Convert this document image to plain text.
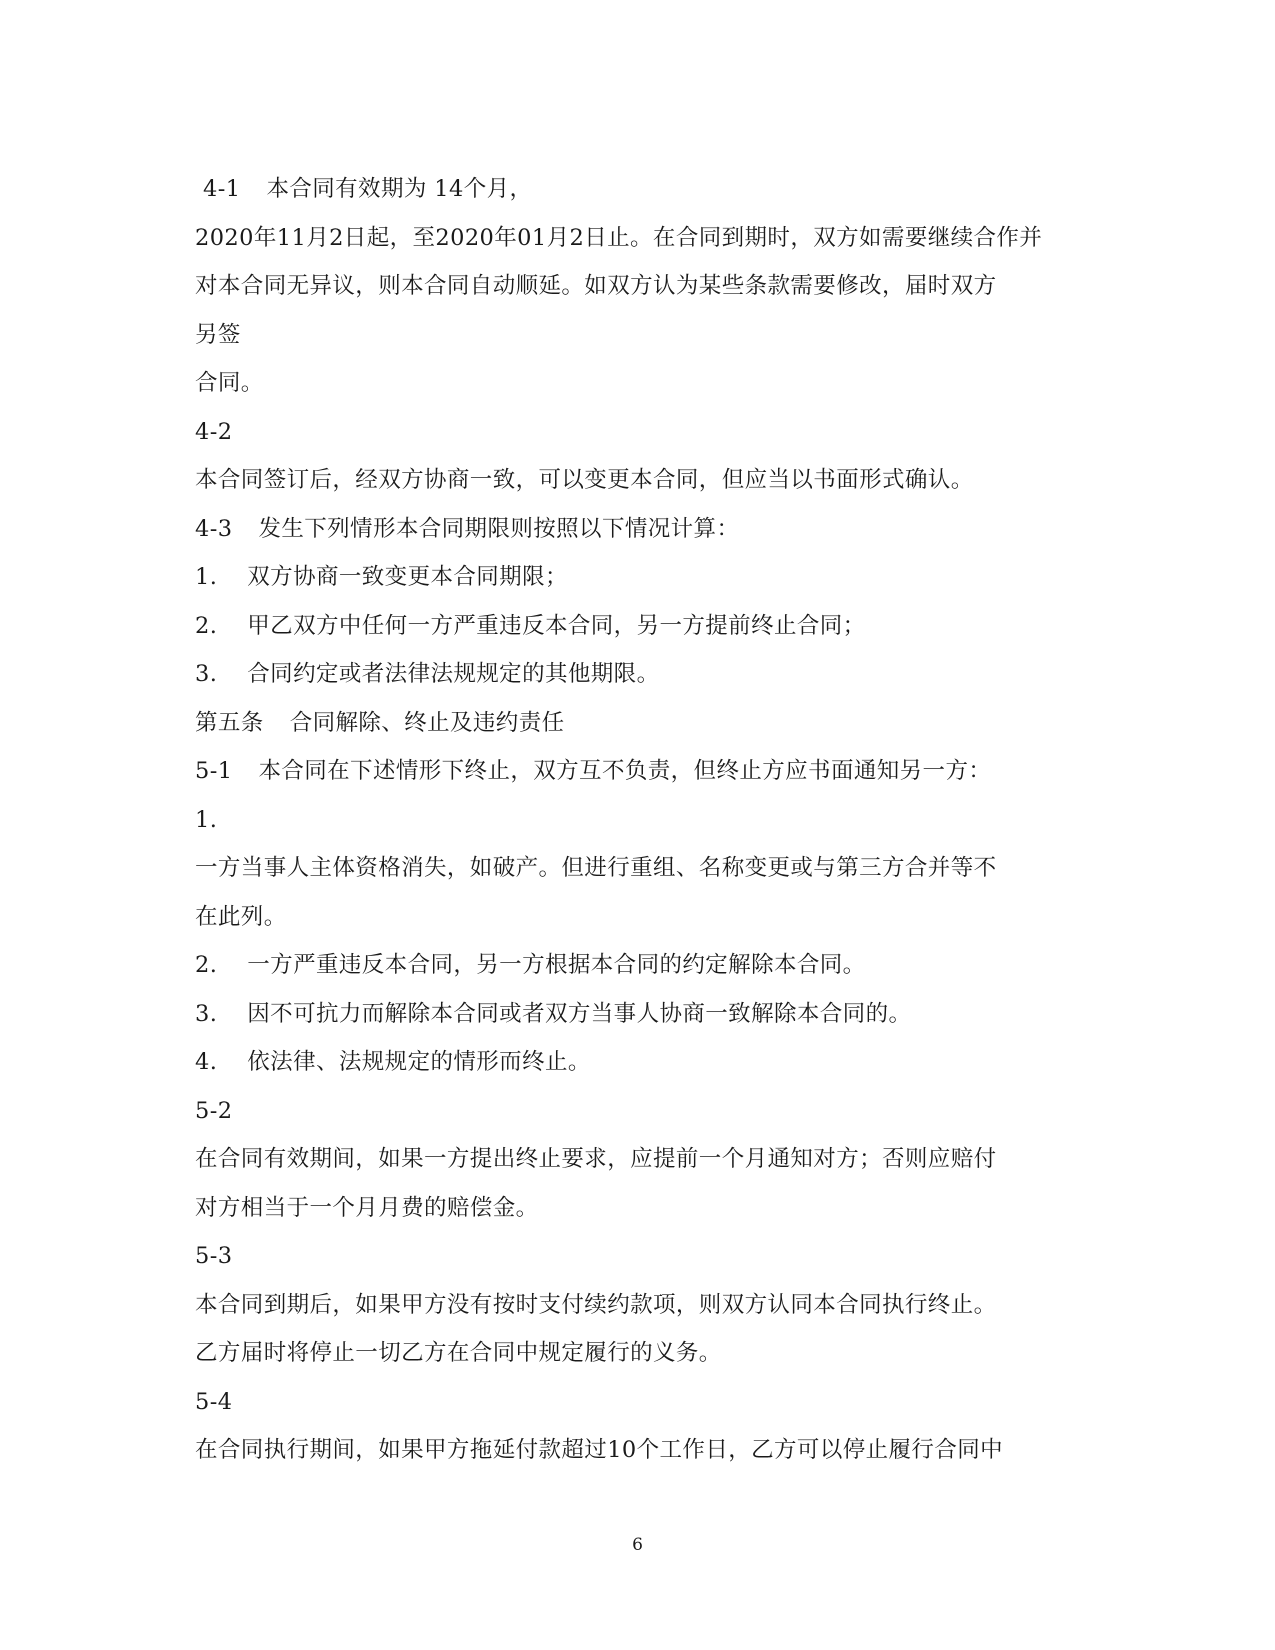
4-1 本合同有效期为 14个月，
2020年11月2日起，至2020年01月2日止。在合同到期时，双方如需要继续合作并
对本合同无异议，则本合同自动顺延。如双方认为某些条款需要修改，届时双方
另签
合同。
4-2
本合同签订后，经双方协商一致，可以变更本合同，但应当以书面形式确认。
4-3 发生下列情形本合同期限则按照以下情况计算：
1. 双方协商一致变更本合同期限；
2. 甲乙双方中任何一方严重违反本合同，另一方提前终止合同；
3. 合同约定或者法律法规规定的其他期限。
第五条 合同解除、终止及违约责任
5-1 本合同在下述情形下终止，双方互不负责，但终止方应书面通知另一方：
1.
一方当事人主体资格消失，如破产。但进行重组、名称变更或与第三方合并等不
在此列。
2. 一方严重违反本合同，另一方根据本合同的约定解除本合同。
3. 因不可抗力而解除本合同或者双方当事人协商一致解除本合同的。
4. 依法律、法规规定的情形而终止。
5-2
在合同有效期间，如果一方提出终止要求，应提前一个月通知对方；否则应赔付
对方相当于一个月月费的赔偿金。
5-3
本合同到期后，如果甲方没有按时支付续约款项，则双方认同本合同执行终止。
乙方届时将停止一切乙方在合同中规定履行的义务。
5-4
在合同执行期间，如果甲方拖延付款超过10个工作日，乙方可以停止履行合同中
6
